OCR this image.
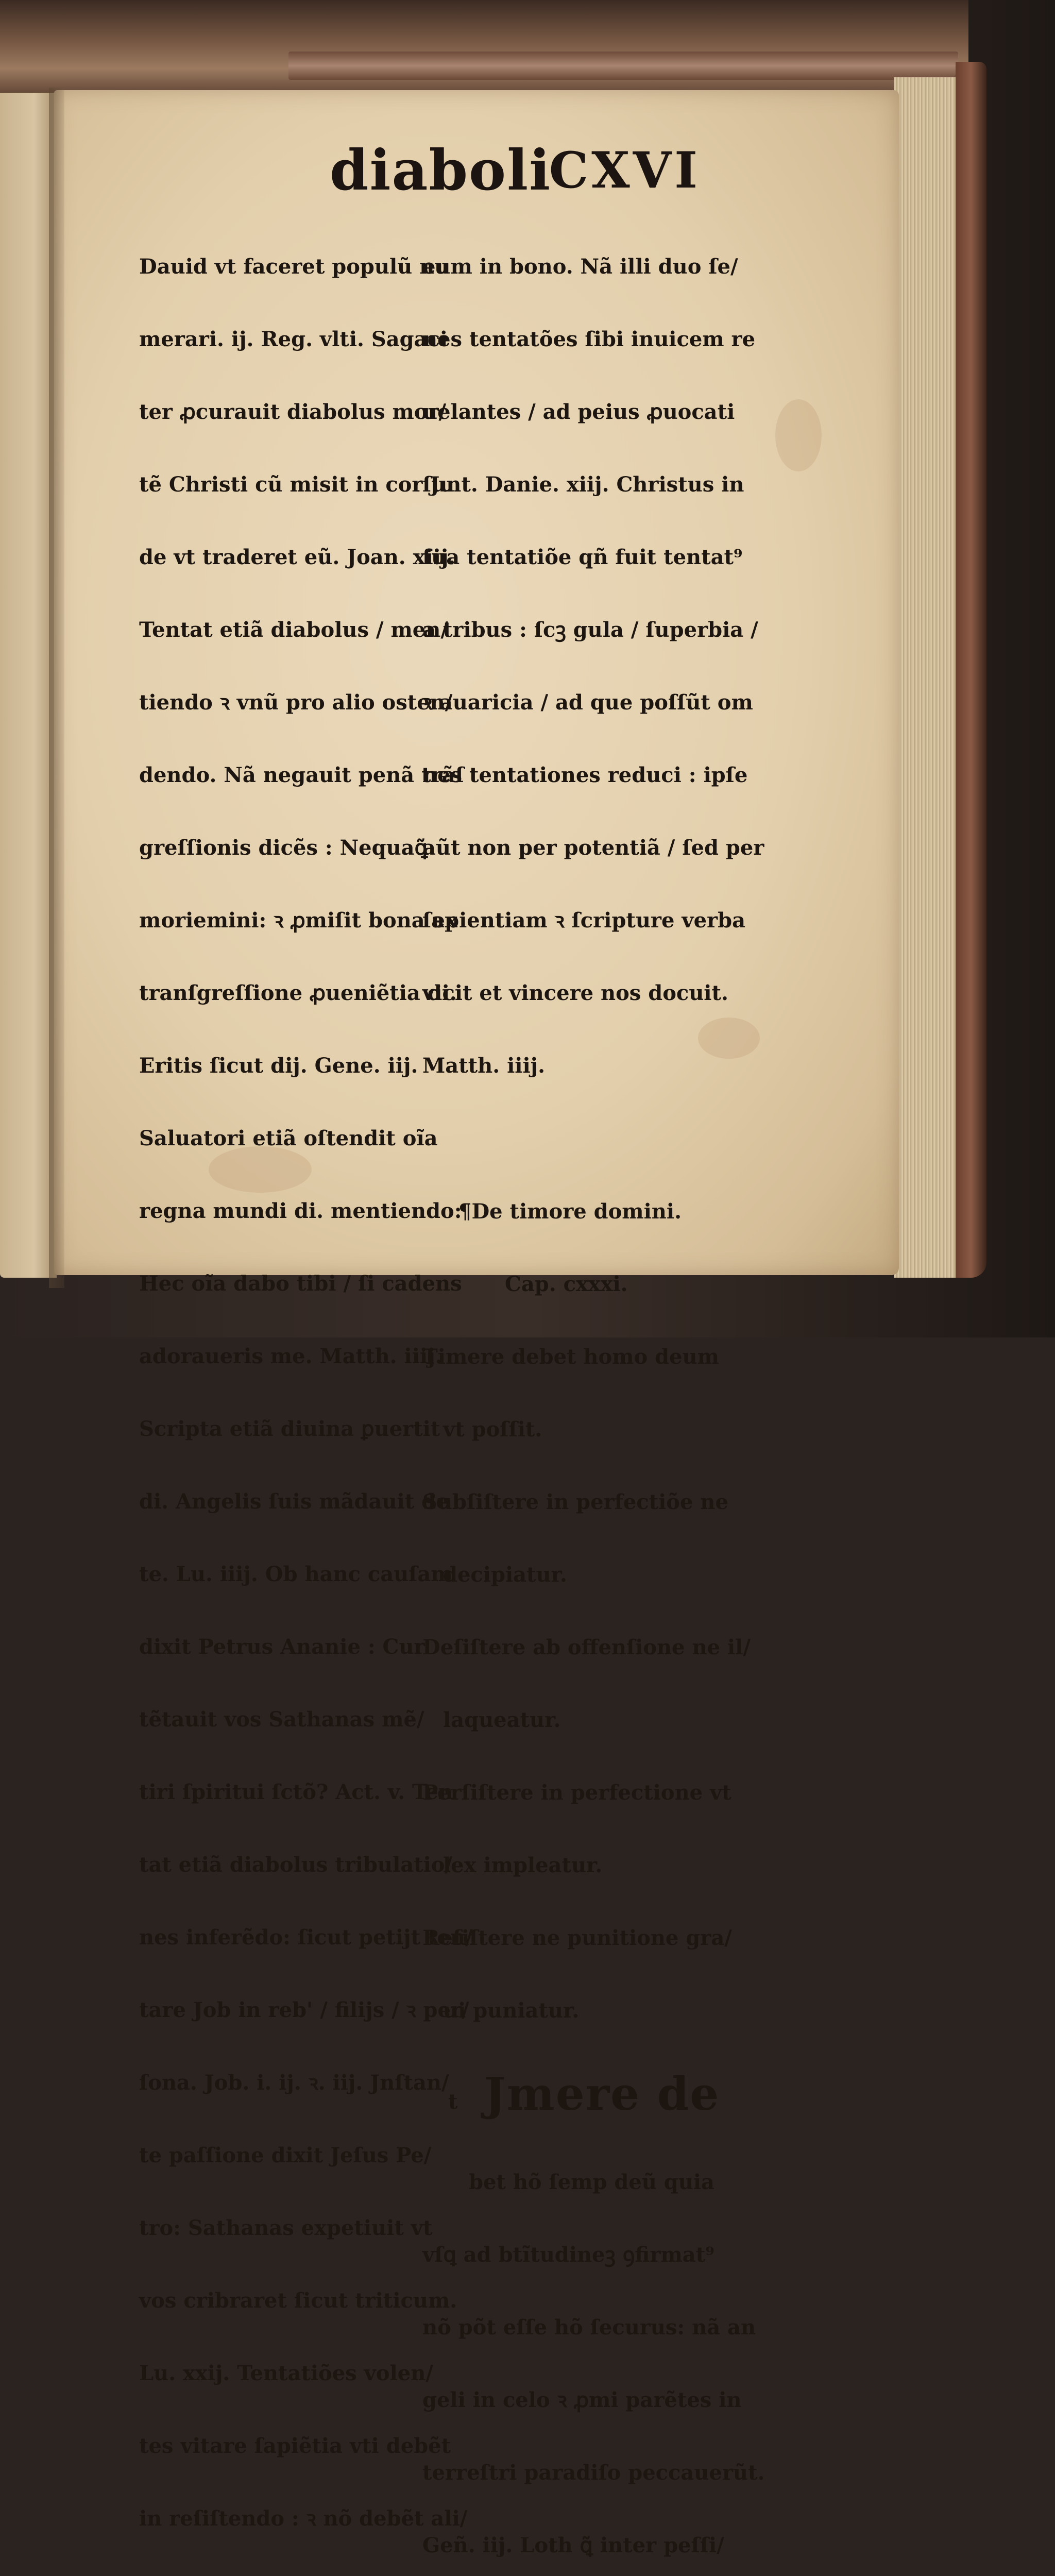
diaboli
CXVI

Dauid vt faceret populũ nu

merari. ij. Reg. vlti. Sagaci

ter ꝓcurauit diabolus mor/

tẽ Christi cũ misit in cor Ju

de vt traderet eũ. Joan. xiij.

Tentat etiã diabolus / men/

tiendo ꝛ vnũ pro alio osten/

dendo. Nã negauit penã trãſ

greſſionis dicẽs : Nequaꝗ̃

moriemini: ꝛ ꝓmiſit bona ex

tranſgreſſione ꝓueniẽtia di.

Eritis ſicut dij. Gene. iij.

Saluatori etiã oſtendit oĩa

regna mundi di. mentiendo:

Hec oĩa dabo tibi / ſi cadens

adoraueris me. Matth. iiij.

Scripta etiã diuina ꝑuertit

di. Angelis ſuis mãdauit de

te. Lu. iiij. Ob hanc cauſam

dixit Petrus Ananie : Cur

tẽtauit vos Sathanas mẽ/

tiri ſpiritui ſctõ? Act. v. Ten

tat etiã diabolus tribulatio/

nes inferẽdo: ſicut petijt ten/

tare Job in reb' / filijs / ꝛ per/

ſona. Job. i. ij. ꝛ. iij. Jnſtan/

te paſſione dixit Jeſus Pe/

tro: Sathanas expetiuit vt

vos cribraret ſicut triticum.

Lu. xxij. Tentatiões volen/

tes vitare ſapiẽtia vti debẽt

in reſiſtendo : ꝛ nõ debẽt ali/

eum in bono. Nã illi duo ſe/

nes tentatões ſibi inuicem re

uelantes / ad peius ꝓuocati

ſunt. Danie. xiij. Christus in

ſua tentatiõe qñ fuit tentat⁹

a tribus : ſcꝫ gula / ſuperbia /

ꝛ auaricia / ad que poſſũt om

nes tentationes reduci : ipſe

aũt non per potentiã / ſed per

ſapientiam ꝛ ſcripture verba

vicit et vincere nos docuit.

Matth. iiij.

¶De timore domini.

Cap. cxxxi.

Timere debet homo deum

vt poſſit.

Subſiſtere in perfectiõe ne

decipiatur.

Deſiſtere ab offenſione ne il/

laqueatur.

Perſiſtere in perfectione vt

lex impleatur.

Reſiſtere ne punitione gra/

ui puniatur.

t

Jmere de

bet hõ ſemp deũ quia

vſꝗ ad btĩtudineꝫ ꝯfirmat⁹

nõ põt eſſe hõ ſecurus: nã an

geli in celo ꝛ ꝓmi parẽtes in

terreſtri paradiſo peccauerũt.

Geñ. iij. Loth ꝗ̃ inter peſſi/
